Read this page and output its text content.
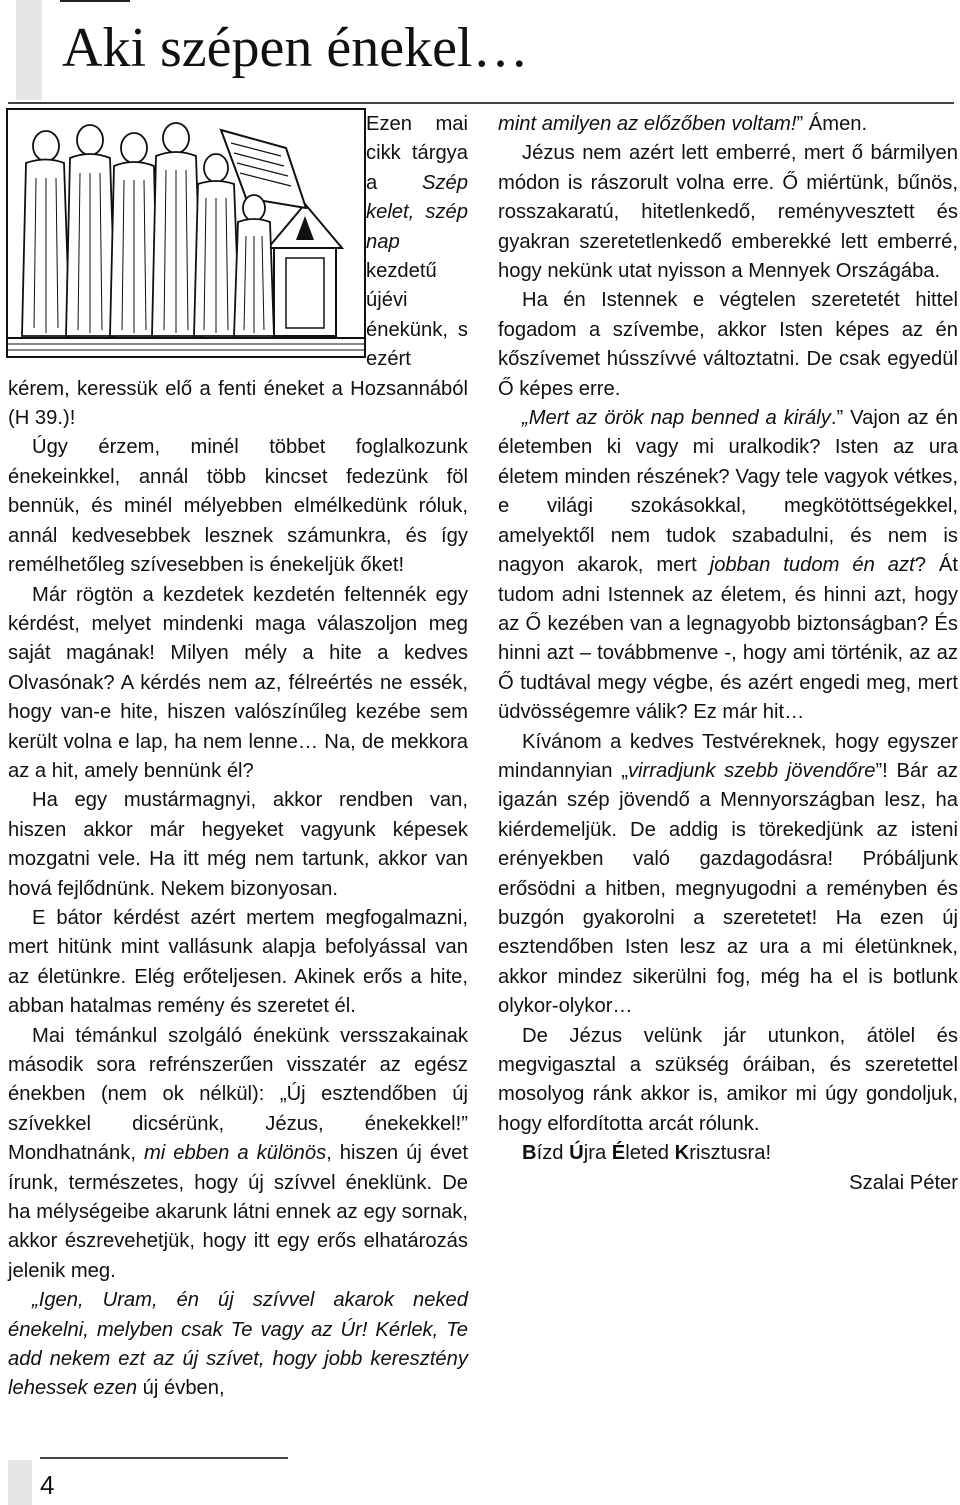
Aki szépen énekel…

Ezen mai cikk tárgya a Szép kelet, szép nap kezdetű újévi énekünk, s ezért kérem, keressük elő a fenti éneket a Hozsannából (H 39.)!

Úgy érzem, minél többet foglalkozunk énekeinkkel, annál több kincset fedezünk föl bennük, és minél mélyebben elmélkedünk róluk, annál kedvesebbek lesznek számunkra, és így remélhetőleg szívesebben is énekeljük őket!

Már rögtön a kezdetek kezdetén feltennék egy kérdést, melyet mindenki maga válaszoljon meg saját magának! Milyen mély a hite a kedves Olvasónak? A kérdés nem az, félreértés ne essék, hogy van-e hite, hiszen valószínűleg kezébe sem került volna e lap, ha nem lenne… Na, de mekkora az a hit, amely bennünk él?

Ha egy mustármagnyi, akkor rendben van, hiszen akkor már hegyeket vagyunk képesek mozgatni vele. Ha itt még nem tartunk, akkor van hová fejlődnünk. Nekem bizonyosan.

E bátor kérdést azért mertem megfogalmazni, mert hitünk mint vallásunk alapja befolyással van az életünkre. Elég erőteljesen. Akinek erős a hite, abban hatalmas remény és szeretet él.

Mai témánkul szolgáló énekünk versszakainak második sora refrénszerűen visszatér az egész énekben (nem ok nélkül): „Új esztendőben új szívekkel dicsérünk, Jézus, énekekkel!” Mondhatnánk, mi ebben a különös, hiszen új évet írunk, természetes, hogy új szívvel éneklünk. De ha mélységeibe akarunk látni ennek az egy sornak, akkor észrevehetjük, hogy itt egy erős elhatározás jelenik meg.

„Igen, Uram, én új szívvel akarok neked énekelni, melyben csak Te vagy az Úr! Kérlek, Te add nekem ezt az új szívet, hogy jobb keresztény lehessek ezen új évben,

mint amilyen az előzőben voltam!” Ámen.

Jézus nem azért lett emberré, mert ő bármilyen módon is rászorult volna erre. Ő miértünk, bűnös, rosszakaratú, hitetlenkedő, reményvesztett és gyakran szeretetlenkedő emberekké lett emberré, hogy nekünk utat nyisson a Mennyek Országába.

Ha én Istennek e végtelen szeretetét hittel fogadom a szívembe, akkor Isten képes az én kőszívemet hússzívvé változtatni. De csak egyedül Ő képes erre.

„Mert az örök nap benned a király.” Vajon az én életemben ki vagy mi uralkodik? Isten az ura életem minden részének? Vagy tele vagyok vétkes, e világi szokásokkal, megkötöttségekkel, amelyektől nem tudok szabadulni, és nem is nagyon akarok, mert jobban tudom én azt? Át tudom adni Istennek az életem, és hinni azt, hogy az Ő kezében van a legnagyobb biztonságban? És hinni azt – továbbmenve -, hogy ami történik, az az Ő tudtával megy végbe, és azért engedi meg, mert üdvösségemre válik? Ez már hit…

Kívánom a kedves Testvéreknek, hogy egyszer mindannyian „virradjunk szebb jövendőre”! Bár az igazán szép jövendő a Mennyországban lesz, ha kiérdemeljük. De addig is törekedjünk az isteni erényekben való gazdagodásra! Próbáljunk erősödni a hitben, megnyugodni a reményben és buzgón gyakorolni a szeretetet! Ha ezen új esztendőben Isten lesz az ura a mi életünknek, akkor mindez sikerülni fog, még ha el is botlunk olykor-olykor…

De Jézus velünk jár utunkon, átölel és megvigasztal a szükség óráiban, és szeretettel mosolyog ránk akkor is, amikor mi úgy gondoljuk, hogy elfordította arcát rólunk.

Bízd Újra Életed Krisztusra!

Szalai Péter

4
